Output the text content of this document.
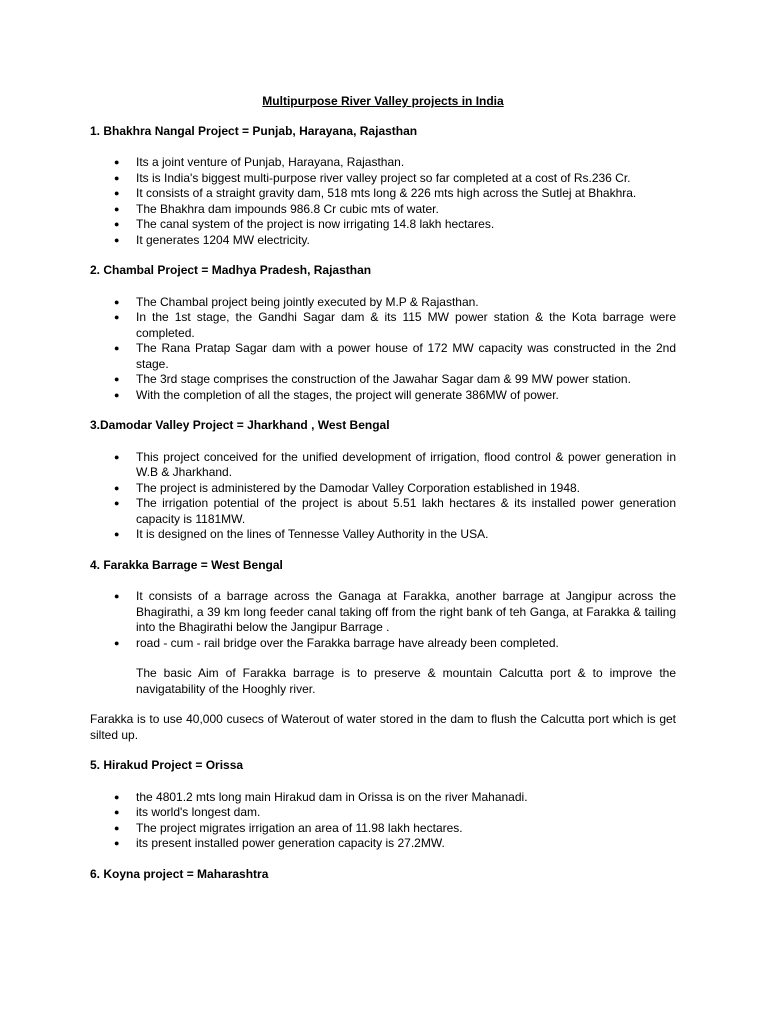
Multipurpose River Valley projects in India
1. Bhakhra Nangal Project = Punjab, Harayana, Rajasthan
●	Its a joint venture of Punjab, Harayana, Rajasthan.
●	Its is India's biggest multi-purpose river valley project so far completed at a cost of Rs.236 Cr.
●	It consists of a straight gravity dam, 518 mts long & 226 mts high across the Sutlej at Bhakhra.
●	The Bhakhra dam impounds 986.8 Cr cubic mts of water.
●	The canal system of the project is now irrigating 14.8 lakh hectares.
●	It generates 1204 MW electricity.
2. Chambal Project = Madhya Pradesh, Rajasthan
●	The Chambal project being jointly executed by M.P & Rajasthan.
●	In the 1st stage, the Gandhi Sagar dam & its 115 MW power station & the Kota barrage were completed.
●	The Rana Pratap Sagar dam with a power house of 172 MW capacity was constructed in the 2nd stage.
●	The 3rd stage comprises the construction of the Jawahar Sagar dam & 99 MW power station.
●	With the completion of all the stages, the project will generate 386MW of power.
3.Damodar Valley Project = Jharkhand , West Bengal
●	This project conceived for the unified development of irrigation, flood control & power generation in W.B & Jharkhand.
●	The project is administered by the Damodar Valley Corporation established in 1948.
●	The irrigation potential of the project is about 5.51 lakh hectares & its installed power generation capacity is 1181MW.
●	It is designed on the lines of Tennesse Valley Authority in the USA.
4. Farakka Barrage = West Bengal
●	It consists of a barrage across the Ganaga at Farakka, another barrage at Jangipur across the Bhagirathi, a 39 km long feeder canal taking off from the right bank of teh Ganga, at Farakka & tailing into the Bhagirathi below the Jangipur Barrage .
●	road - cum - rail bridge over the Farakka barrage have already been completed.
The basic Aim of Farakka barrage is to preserve & mountain Calcutta port & to improve the navigatability of the Hooghly river.
Farakka is to use 40,000 cusecs of Waterout of water stored in the dam to flush the Calcutta port which is get silted up.
5. Hirakud Project = Orissa
●	the 4801.2 mts long main Hirakud dam in Orissa is on the river Mahanadi.
●	its world's longest dam.
●	The project migrates irrigation an area of 11.98 lakh hectares.
●	its present installed power generation capacity is 27.2MW.
6. Koyna project = Maharashtra
